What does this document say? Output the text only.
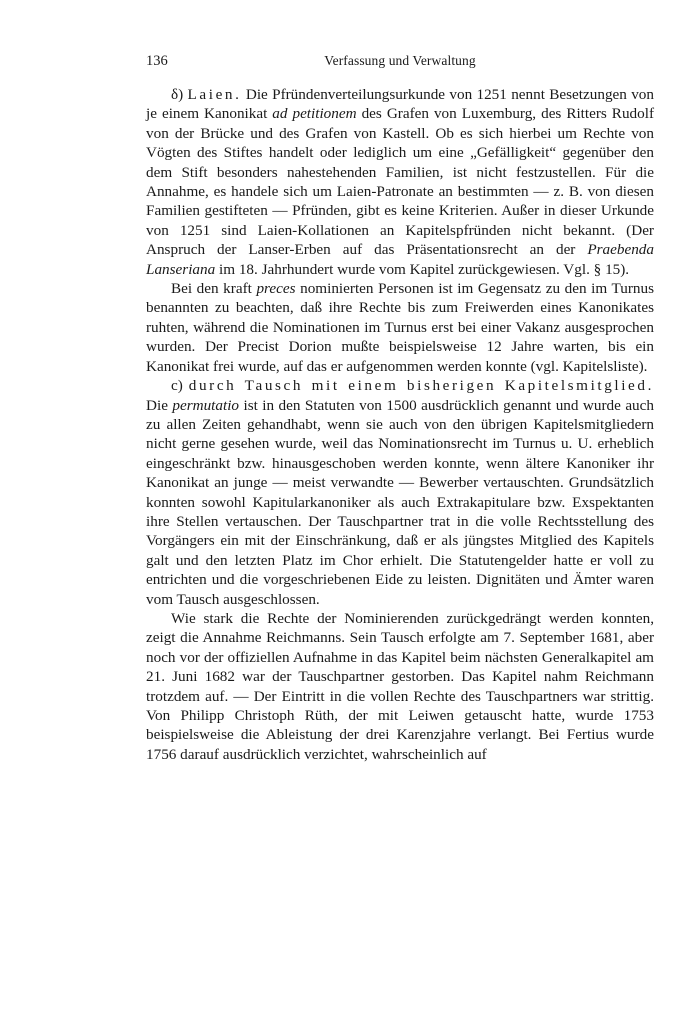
136	Verfassung und Verwaltung

δ) Laien. Die Pfründenverteilungsurkunde von 1251 nennt Besetzungen von je einem Kanonikat ad petitionem des Grafen von Luxemburg, des Ritters Rudolf von der Brücke und des Grafen von Kastell. Ob es sich hierbei um Rechte von Vögten des Stiftes handelt oder lediglich um eine „Gefälligkeit“ gegenüber den dem Stift besonders nahestehenden Familien, ist nicht festzustellen. Für die Annahme, es handele sich um Laien-Patronate an bestimmten — z. B. von diesen Familien gestifteten — Pfründen, gibt es keine Kriterien. Außer in dieser Urkunde von 1251 sind Laien-Kollationen an Kapitelspfründen nicht bekannt. (Der Anspruch der Lanser-Erben auf das Präsentationsrecht an der Praebenda Lanseriana im 18. Jahrhundert wurde vom Kapitel zurückgewiesen. Vgl. § 15).

Bei den kraft preces nominierten Personen ist im Gegensatz zu den im Turnus benannten zu beachten, daß ihre Rechte bis zum Freiwerden eines Kanonikates ruhten, während die Nominationen im Turnus erst bei einer Vakanz ausgesprochen wurden. Der Precist Dorion mußte beispielsweise 12 Jahre warten, bis ein Kanonikat frei wurde, auf das er aufgenommen werden konnte (vgl. Kapitelsliste).

c) durch Tausch mit einem bisherigen Kapitelsmitglied. Die permutatio ist in den Statuten von 1500 ausdrücklich genannt und wurde auch zu allen Zeiten gehandhabt, wenn sie auch von den übrigen Kapitelsmitgliedern nicht gerne gesehen wurde, weil das Nominationsrecht im Turnus u. U. erheblich eingeschränkt bzw. hinausgeschoben werden konnte, wenn ältere Kanoniker ihr Kanonikat an junge — meist verwandte — Bewerber vertauschten. Grundsätzlich konnten sowohl Kapitularkanoniker als auch Extrakapitulare bzw. Exspektanten ihre Stellen vertauschen. Der Tauschpartner trat in die volle Rechtsstellung des Vorgängers ein mit der Einschränkung, daß er als jüngstes Mitglied des Kapitels galt und den letzten Platz im Chor erhielt. Die Statutengelder hatte er voll zu entrichten und die vorgeschriebenen Eide zu leisten. Dignitäten und Ämter waren vom Tausch ausgeschlossen.

Wie stark die Rechte der Nominierenden zurückgedrängt werden konnten, zeigt die Annahme Reichmanns. Sein Tausch erfolgte am 7. September 1681, aber noch vor der offiziellen Aufnahme in das Kapitel beim nächsten Generalkapitel am 21. Juni 1682 war der Tauschpartner gestorben. Das Kapitel nahm Reichmann trotzdem auf. — Der Eintritt in die vollen Rechte des Tauschpartners war strittig. Von Philipp Christoph Rüth, der mit Leiwen getauscht hatte, wurde 1753 beispielsweise die Ableistung der drei Karenzjahre verlangt. Bei Fertius wurde 1756 darauf ausdrücklich verzichtet, wahrscheinlich auf
